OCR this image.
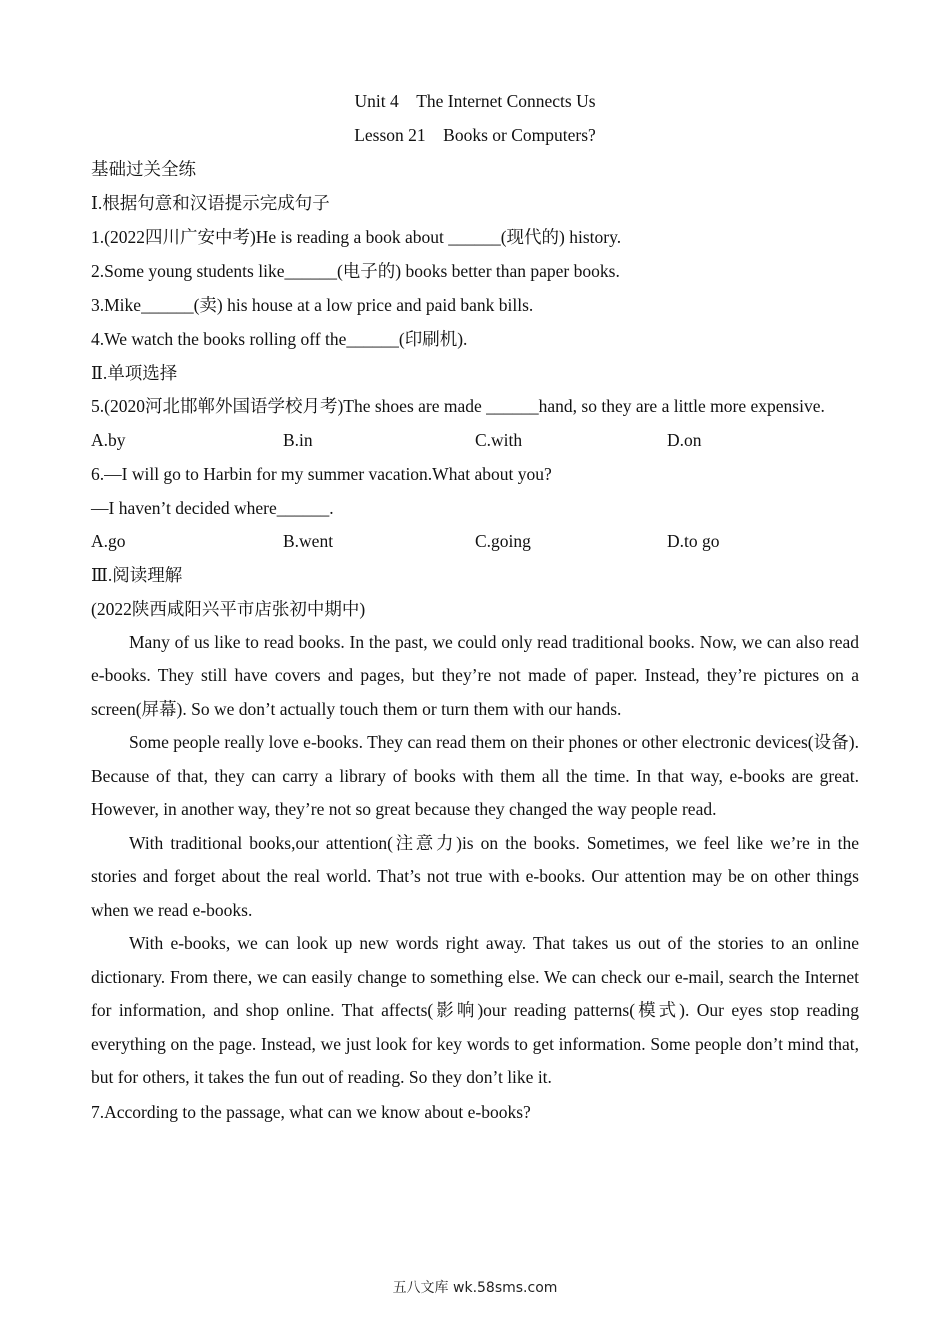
Unit 4　The Internet Connects Us

Lesson 21　Books or Computers?

基础过关全练

Ⅰ.根据句意和汉语提示完成句子

1.(2022四川广安中考)He is reading a book about ______(现代的) history.

2.Some young students like______(电子的) books better than paper books.

3.Mike______(卖) his house at a low price and paid bank bills.

4.We watch the books rolling off the______(印刷机).

Ⅱ.单项选择

5.(2020河北邯郸外国语学校月考)The shoes are made ______hand, so they are a little more expensive.

A.by	B.in	C.with	D.on

6.—I will go to Harbin for my summer vacation.What about you?

—I haven’t decided where______.

A.go	B.went	C.going	D.to go

Ⅲ.阅读理解

(2022陕西咸阳兴平市店张初中期中)

Many of us like to read books. In the past, we could only read traditional books. Now, we can also read e-books. They still have covers and pages, but they’re not made of paper. Instead, they’re pictures on a screen(屏幕). So we don’t actually touch them or turn them with our hands.

Some people really love e-books. They can read them on their phones or other electronic devices(设备). Because of that, they can carry a library of books with them all the time. In that way, e-books are great. However, in another way, they’re not so great because they changed the way people read.

With traditional books,our attention(注意力)is on the books. Sometimes, we feel like we’re in the stories and forget about the real world. That’s not true with e-books. Our attention may be on other things when we read e-books.

With e-books, we can look up new words right away. That takes us out of the stories to an online dictionary. From there, we can easily change to something else. We can check our e-mail, search the Internet for information, and shop online. That affects(影响)our reading patterns(模式). Our eyes stop reading everything on the page. Instead, we just look for key words to get information. Some people don’t mind that, but for others, it takes the fun out of reading. So they don’t like it.

7.According to the passage, what can we know about e-books?

五八文库 wk.58sms.com
